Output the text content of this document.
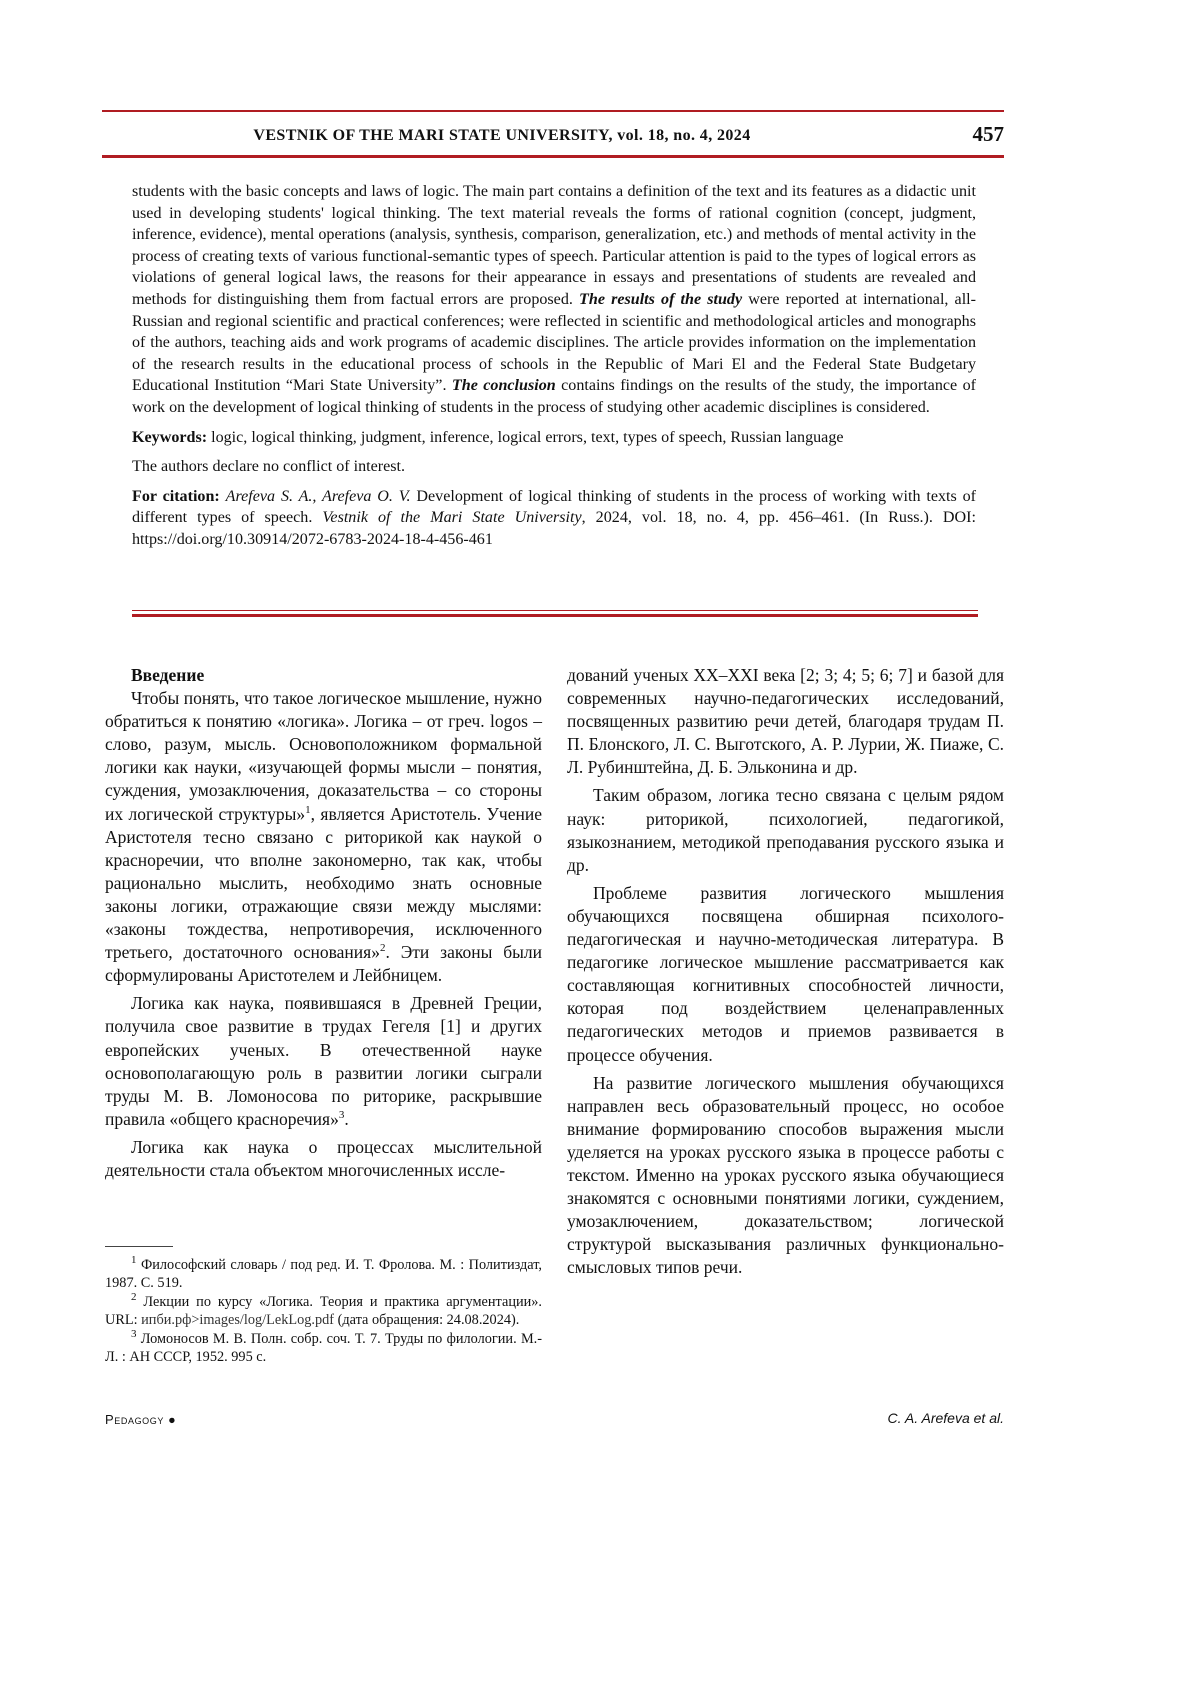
VESTNIK OF THE MARI STATE UNIVERSITY, vol. 18, no. 4, 2024	457

students with the basic concepts and laws of logic. The main part contains a definition of the text and its features as a didactic unit used in developing students' logical thinking. The text material reveals the forms of rational cognition (concept, judgment, inference, evidence), mental operations (analysis, synthesis, comparison, generalization, etc.) and methods of mental activity in the process of creating texts of various functional-semantic types of speech. Particular attention is paid to the types of logical errors as violations of general logical laws, the reasons for their appearance in essays and presentations of students are revealed and methods for distinguishing them from factual errors are proposed. The results of the study were reported at international, all-Russian and regional scientific and practical conferences; were reflected in scientific and methodological articles and monographs of the authors, teaching aids and work programs of academic disciplines. The article provides information on the implementation of the research results in the educational process of schools in the Republic of Mari El and the Federal State Budgetary Educational Institution “Mari State University”. The conclusion contains findings on the results of the study, the importance of work on the development of logical thinking of students in the process of studying other academic disciplines is considered.

Keywords: logic, logical thinking, judgment, inference, logical errors, text, types of speech, Russian language

The authors declare no conflict of interest.

For citation: Arefeva S. A., Arefeva O. V. Development of logical thinking of students in the process of working with texts of different types of speech. Vestnik of the Mari State University, 2024, vol. 18, no. 4, pp. 456–461. (In Russ.). DOI: https://doi.org/10.30914/2072-6783-2024-18-4-456-461

Введение

Чтобы понять, что такое логическое мышление, нужно обратиться к понятию «логика». Логика – от греч. logos – слово, разум, мысль. Основоположником формальной логики как науки, «изучающей формы мысли – понятия, суждения, умозаключения, доказательства – со стороны их логической структуры»$^1$, является Аристотель. Учение Аристотеля тесно связано с риторикой как наукой о красноречии, что вполне закономерно, так как, чтобы рационально мыслить, необходимо знать основные законы логики, отражающие связи между мыслями: «законы тождества, непротиворечия, исключенного третьего, достаточного основания»$^2$. Эти законы были сформулированы Аристотелем и Лейбницем.

Логика как наука, появившаяся в Древней Греции, получила свое развитие в трудах Гегеля [1] и других европейских ученых. В отечественной науке основополагающую роль в развитии логики сыграли труды М. В. Ломоносова по риторике, раскрывшие правила «общего красноречия»$^3$.

Логика как наука о процессах мыслительной деятельности стала объектом многочисленных иссле-

дований ученых XX–XXI века [2; 3; 4; 5; 6; 7] и базой для современных научно-педагогических исследований, посвященных развитию речи детей, благодаря трудам П. П. Блонского, Л. С. Выготского, А. Р. Лурии, Ж. Пиаже, С. Л. Рубинштейна, Д. Б. Эльконина и др.

Таким образом, логика тесно связана с целым рядом наук: риторикой, психологией, педагогикой, языкознанием, методикой преподавания русского языка и др.

Проблеме развития логического мышления обучающихся посвящена обширная психолого-педагогическая и научно-методическая литература. В педагогике логическое мышление рассматривается как составляющая когнитивных способностей личности, которая под воздействием целенаправленных педагогических методов и приемов развивается в процессе обучения.

На развитие логического мышления обучающихся направлен весь образовательный процесс, но особое внимание формированию способов выражения мысли уделяется на уроках русского языка в процессе работы с текстом. Именно на уроках русского языка обучающиеся знакомятся с основными понятиями логики, суждением, умозаключением, доказательством; логической структурой высказывания различных функционально-смысловых типов речи.

$^1$ Философский словарь / под ред. И. Т. Фролова. М. : Политиздат, 1987. С. 519.

$^2$ Лекции по курсу «Логика. Теория и практика аргументации». URL: ипби.рф>images/log/LekLog.pdf (дата обращения: 24.08.2024).

$^3$ Ломоносов М. В. Полн. собр. соч. Т. 7. Труды по филологии. М.-Л. : АН СССР, 1952. 995 с.

Pedagogy ●	C. A. Arefeva et al.
